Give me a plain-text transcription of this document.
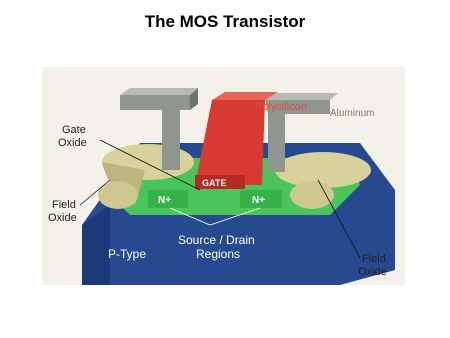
The MOS Transistor
Polysilicon
Aluminum
GATE
Gate
Oxide
Field
Oxide
Field
Oxide
N+	N+
Source / Drain
Regions
P-Type
